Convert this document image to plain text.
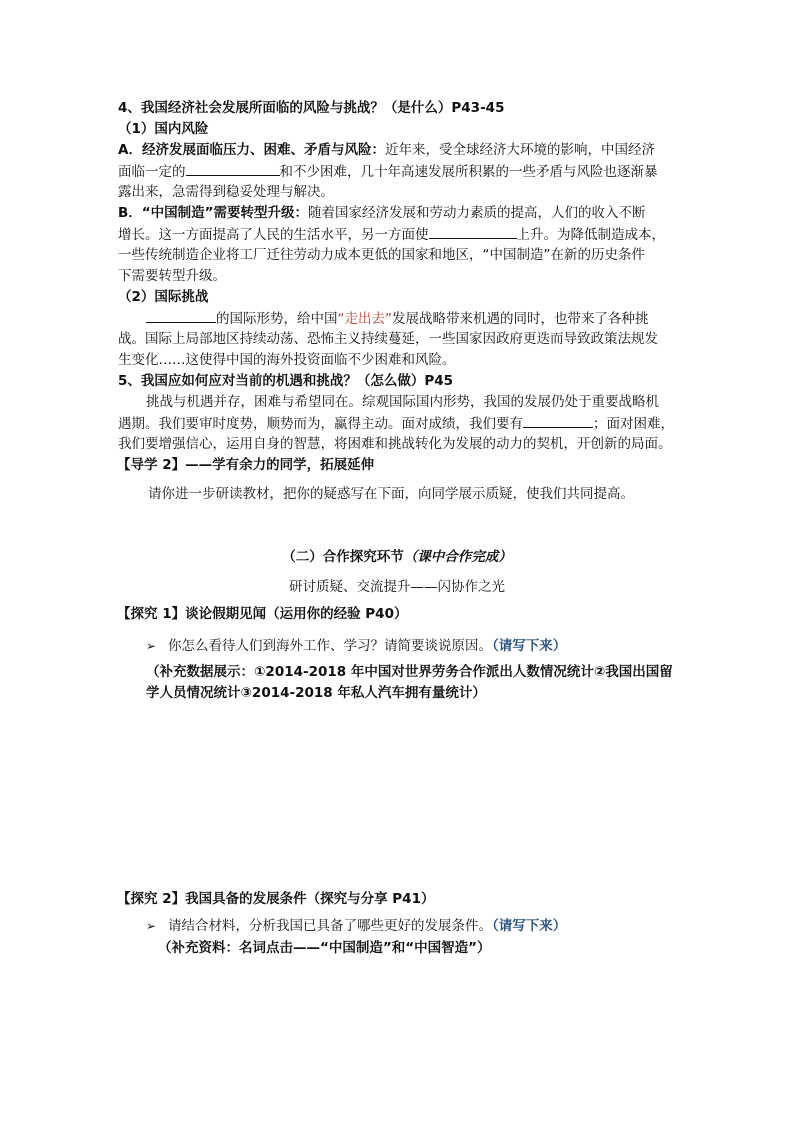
4、我国经济社会发展所面临的风险与挑战？（是什么）P43-45
（1）国内风险
A．经济发展面临压力、困难、矛盾与风险：近年来，受全球经济大环境的影响，中国经济
面临一定的	和不少困难，几十年高速发展所积累的一些矛盾与风险也逐渐暴
露出来，急需得到稳妥处理与解决。
B．“中国制造”需要转型升级：随着国家经济发展和劳动力素质的提高，人们的收入不断
增长。这一方面提高了人民的生活水平，另一方面使	上升。为降低制造成本，
一些传统制造企业将工厂迁往劳动力成本更低的国家和地区，“中国制造”在新的历史条件
下需要转型升级。
（2）国际挑战
的国际形势，给中国“走出去”发展战略带来机遇的同时，也带来了各种挑
战。国际上局部地区持续动荡、恐怖主义持续蔓延，一些国家因政府更迭而导致政策法规发
生变化……这使得中国的海外投资面临不少困难和风险。
5、我国应如何应对当前的机遇和挑战？（怎么做）P45
挑战与机遇并存，困难与希望同在。综观国际国内形势，我国的发展仍处于重要战略机
遇期。我们要审时度势，顺势而为，赢得主动。面对成绩，我们要有	；面对困难，
我们要增强信心，运用自身的智慧，将困难和挑战转化为发展的动力的契机，开创新的局面。
【导学 2】——学有余力的同学，拓展延伸
请你进一步研读教材，把你的疑惑写在下面，向同学展示质疑，使我们共同提高。
（二）合作探究环节（课中合作完成）
研讨质疑、交流提升——闪协作之光
【探究 1】谈论假期见闻（运用你的经验 P40）
➢ 你怎么看待人们到海外工作、学习？请简要谈说原因。（请写下来）
（补充数据展示：①2014-2018 年中国对世界劳务合作派出人数情况统计②我国出国留
学人员情况统计③2014-2018 年私人汽车拥有量统计）
【探究 2】我国具备的发展条件（探究与分享 P41）
➢ 请结合材料，分析我国已具备了哪些更好的发展条件。（请写下来）
（补充资料：名词点击——“中国制造”和“中国智造”）
